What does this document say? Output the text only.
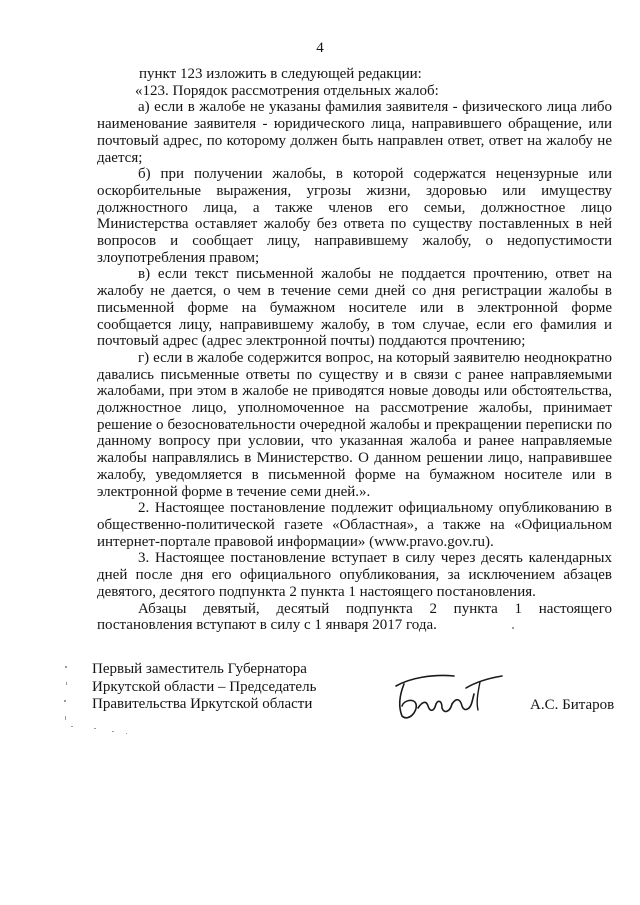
4

пункт 123 изложить в следующей редакции:

«123. Порядок рассмотрения отдельных жалоб:

а) если в жалобе не указаны фамилия заявителя - физического лица либо наименование заявителя - юридического лица, направившего обращение, или почтовый адрес, по которому должен быть направлен ответ, ответ на жалобу не дается;

б) при получении жалобы, в которой содержатся нецензурные или оскорбительные выражения, угрозы жизни, здоровью или имуществу должностного лица, а также членов его семьи, должностное лицо Министерства оставляет жалобу без ответа по существу поставленных в ней вопросов и сообщает лицу, направившему жалобу, о недопустимости злоупотребления правом;

в) если текст письменной жалобы не поддается прочтению, ответ на жалобу не дается, о чем в течение семи дней со дня регистрации жалобы в письменной форме на бумажном носителе или в электронной форме сообщается лицу, направившему жалобу, в том случае, если его фамилия и почтовый адрес (адрес электронной почты) поддаются прочтению;

г) если в жалобе содержится вопрос, на который заявителю неоднократно давались письменные ответы по существу и в связи с ранее направляемыми жалобами, при этом в жалобе не приводятся новые доводы или обстоятельства, должностное лицо, уполномоченное на рассмотрение жалобы, принимает решение о безосновательности очередной жалобы и прекращении переписки по данному вопросу при условии, что указанная жалоба и ранее направляемые жалобы направлялись в Министерство. О данном решении лицо, направившее жалобу, уведомляется в письменной форме на бумажном носителе или в электронной форме в течение семи дней.».

2. Настоящее постановление подлежит официальному опубликованию в общественно-политической газете «Областная», а также на «Официальном интернет-портале правовой информации» (www.pravo.gov.ru).

3. Настоящее постановление вступает в силу через десять календарных дней после дня его официального опубликования, за исключением абзацев девятого, десятого подпункта 2 пункта 1 настоящего постановления.

Абзацы девятый, десятый подпункта 2 пункта 1 настоящего постановления вступают в силу с 1 января 2017 года.

Первый заместитель Губернатора
Иркутской области – Председатель
Правительства Иркутской области	А.С. Битаров
